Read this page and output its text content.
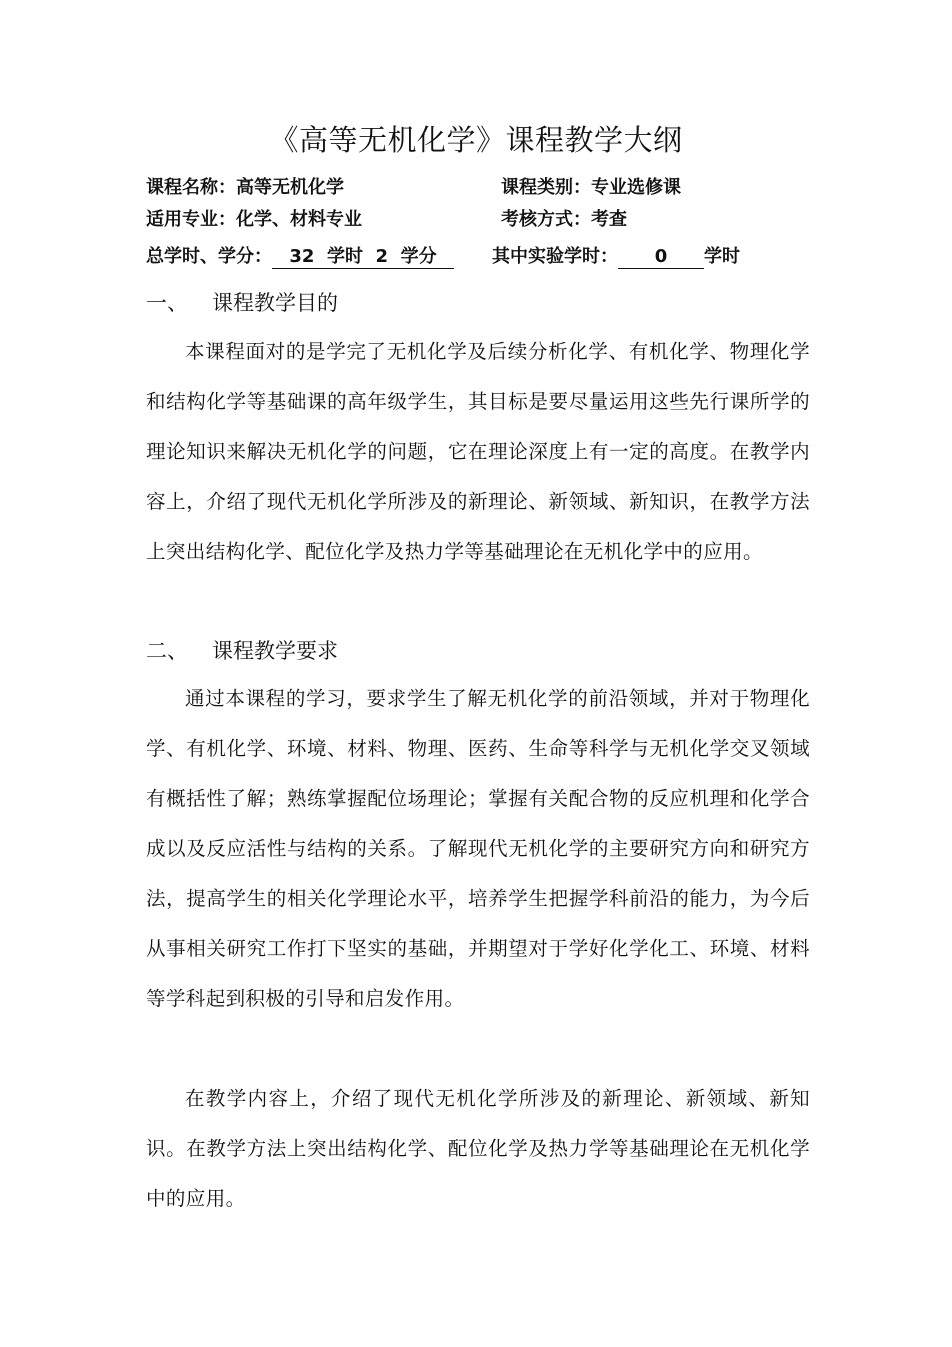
《高等无机化学》课程教学大纲
课程名称：高等无机化学	课程类别：专业选修课
适用专业：化学、材料专业	考核方式：考查
总学时、学分： 32 学时 2 学分	其中实验学时： 0 学时
一、 课程教学目的
本课程面对的是学完了无机化学及后续分析化学、有机化学、物理化学和结构化学等基础课的高年级学生，其目标是要尽量运用这些先行课所学的理论知识来解决无机化学的问题，它在理论深度上有一定的高度。在教学内容上，介绍了现代无机化学所涉及的新理论、新领域、新知识，在教学方法上突出结构化学、配位化学及热力学等基础理论在无机化学中的应用。
二、 课程教学要求
通过本课程的学习，要求学生了解无机化学的前沿领域，并对于物理化学、有机化学、环境、材料、物理、医药、生命等科学与无机化学交叉领域有概括性了解；熟练掌握配位场理论；掌握有关配合物的反应机理和化学合成以及反应活性与结构的关系。了解现代无机化学的主要研究方向和研究方法，提高学生的相关化学理论水平，培养学生把握学科前沿的能力，为今后从事相关研究工作打下坚实的基础，并期望对于学好化学化工、环境、材料等学科起到积极的引导和启发作用。
在教学内容上，介绍了现代无机化学所涉及的新理论、新领域、新知识。在教学方法上突出结构化学、配位化学及热力学等基础理论在无机化学中的应用。
